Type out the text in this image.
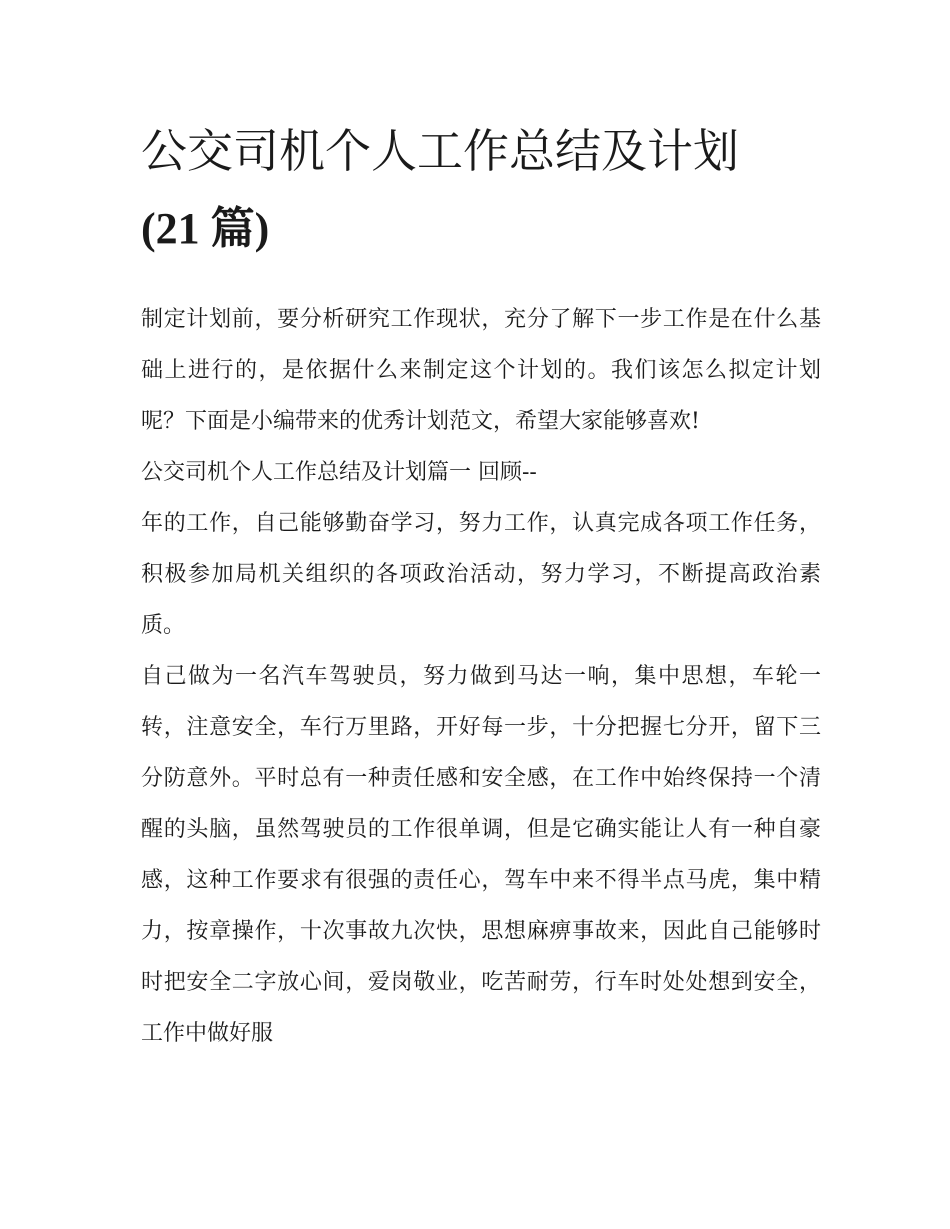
公交司机个人工作总结及计划
(21 篇)

制定计划前，要分析研究工作现状，充分了解下一步工作是在什么基础上进行的，是依据什么来制定这个计划的。我们该怎么拟定计划呢？下面是小编带来的优秀计划范文，希望大家能够喜欢!

公交司机个人工作总结及计划篇一 回顾--

年的工作，自己能够勤奋学习，努力工作，认真完成各项工作任务，积极参加局机关组织的各项政治活动，努力学习，不断提高政治素质。

自己做为一名汽车驾驶员，努力做到马达一响，集中思想，车轮一转，注意安全，车行万里路，开好每一步，十分把握七分开，留下三分防意外。平时总有一种责任感和安全感，在工作中始终保持一个清醒的头脑，虽然驾驶员的工作很单调，但是它确实能让人有一种自豪感，这种工作要求有很强的责任心，驾车中来不得半点马虎，集中精力，按章操作，十次事故九次快，思想麻痹事故来，因此自己能够时时把安全二字放心间，爱岗敬业，吃苦耐劳，行车时处处想到安全，工作中做好服
